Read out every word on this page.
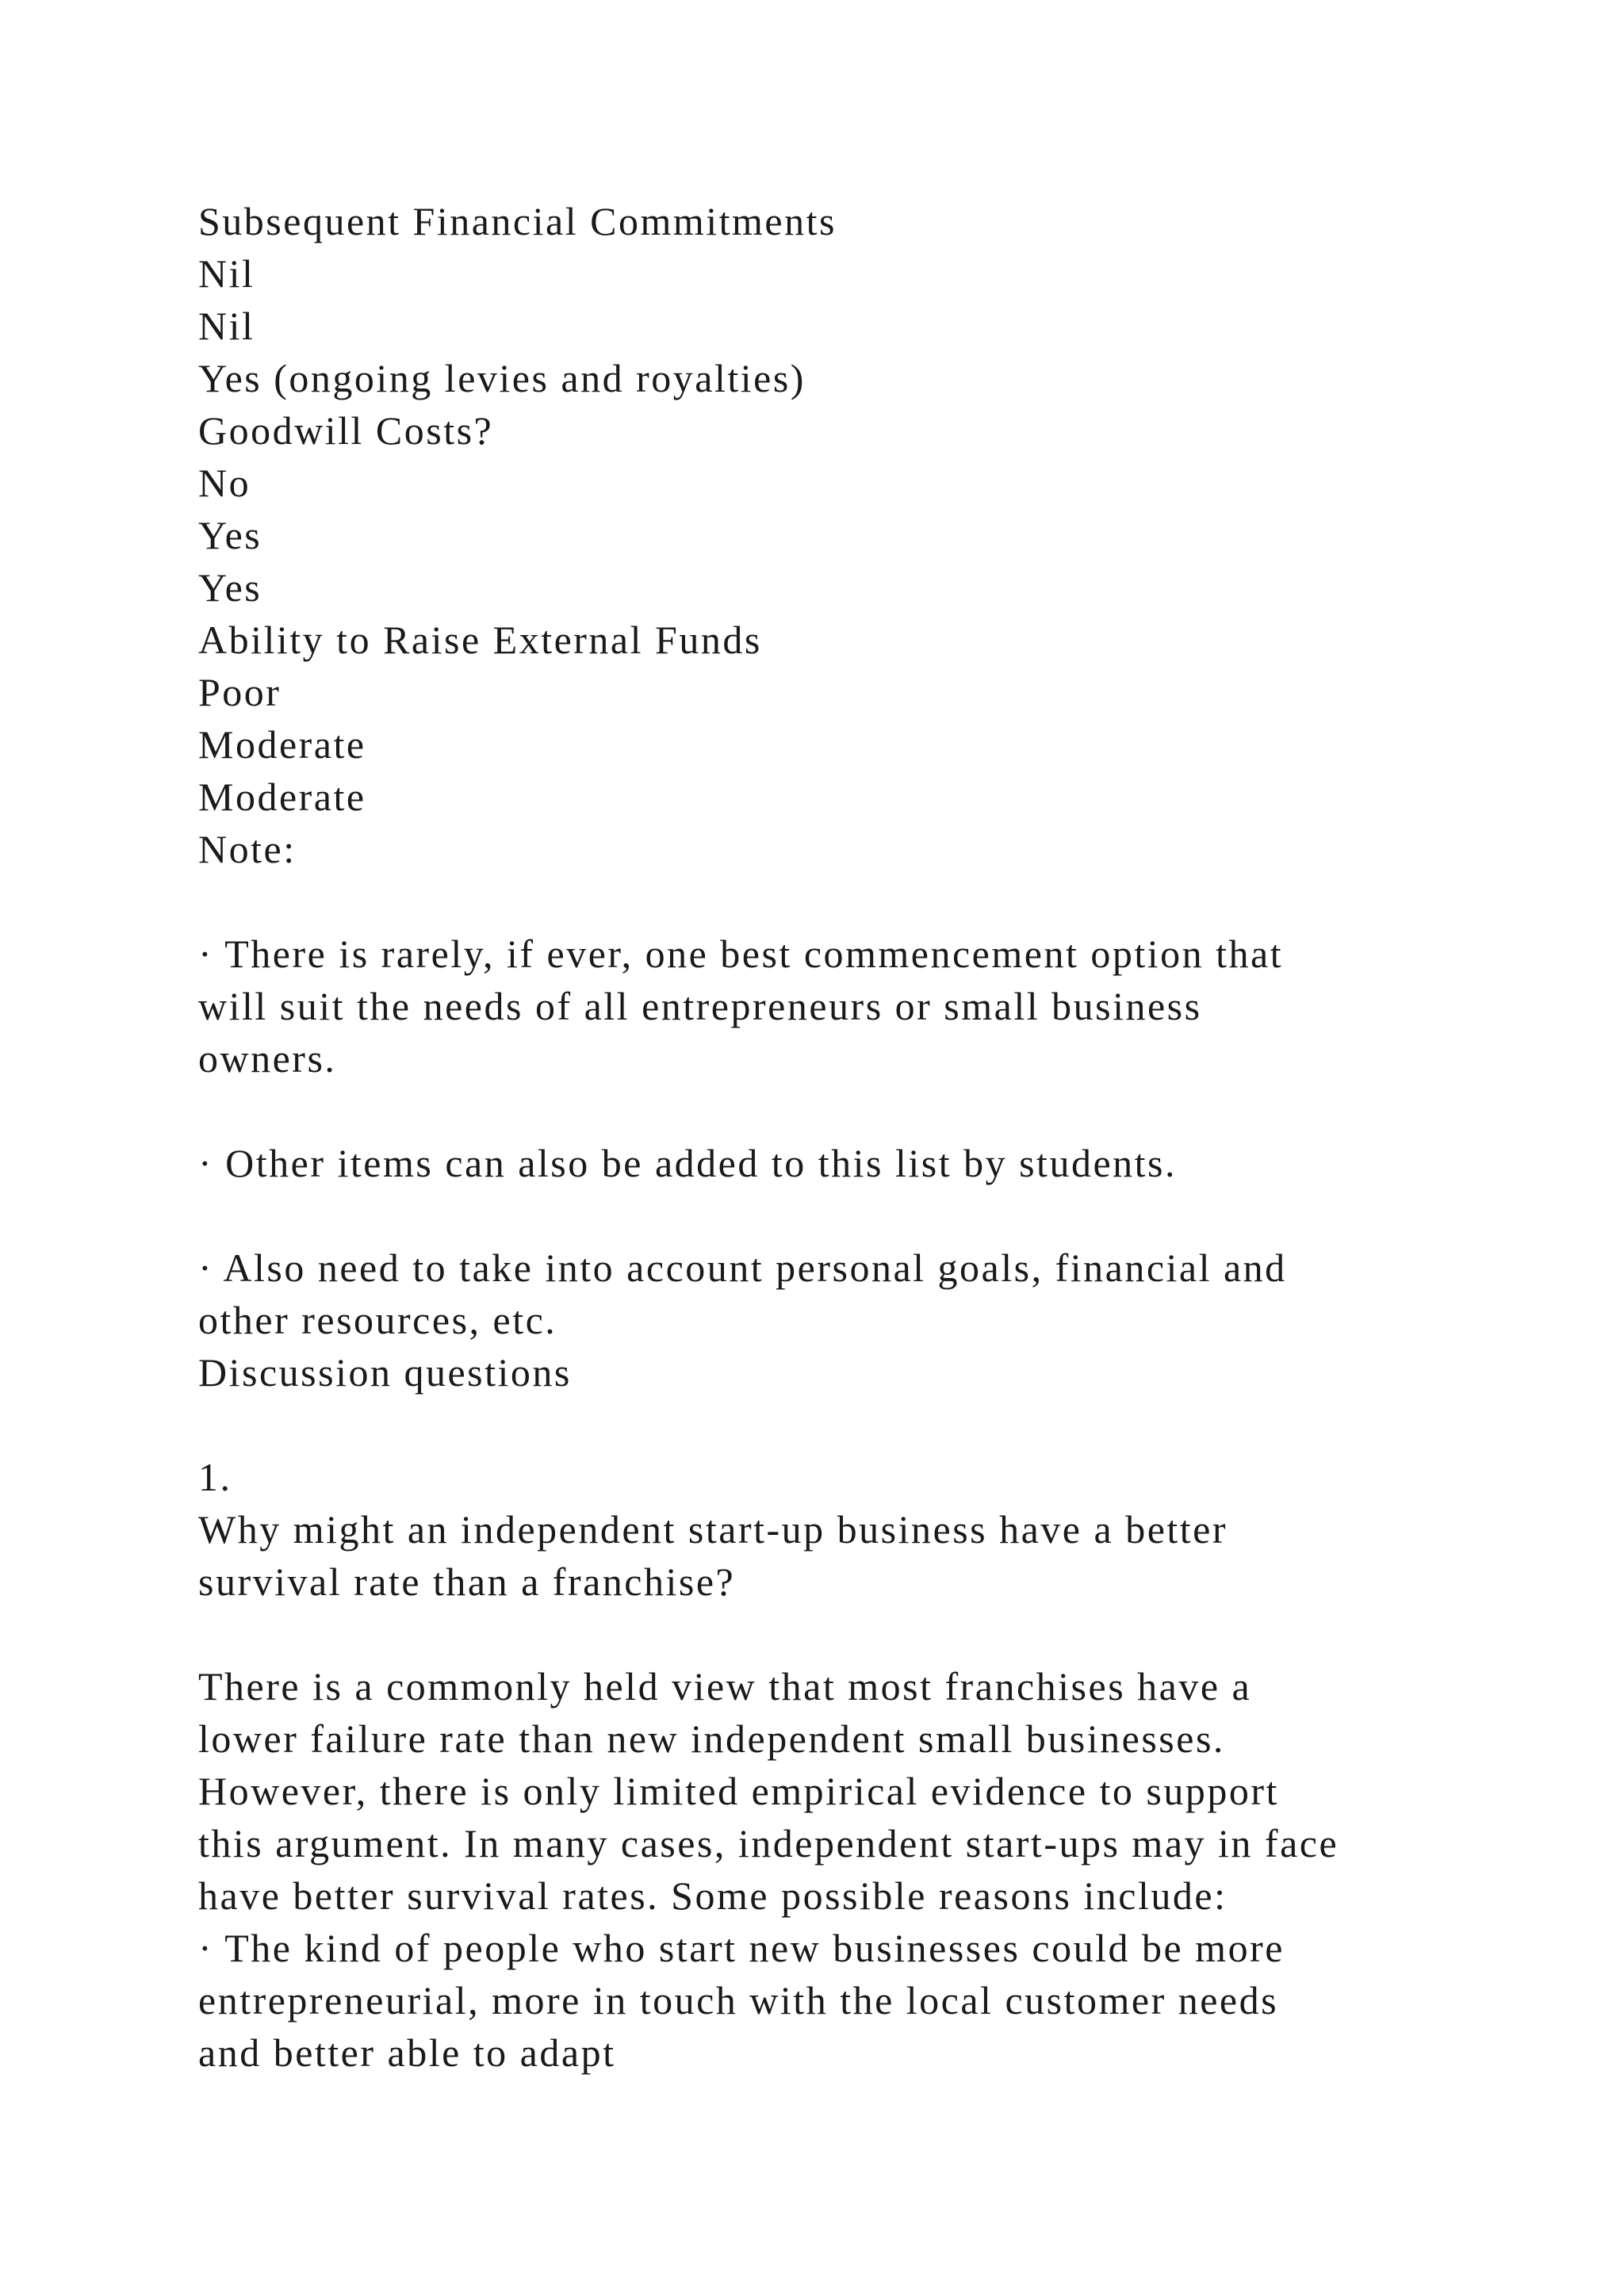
Subsequent Financial Commitments
Nil
Nil
Yes (ongoing levies and royalties)
Goodwill Costs?
No
Yes
Yes
Ability to Raise External Funds
Poor
Moderate
Moderate
Note:
· There is rarely, if ever, one best commencement option that
will suit the needs of all entrepreneurs or small business
owners.
· Other items can also be added to this list by students.
· Also need to take into account personal goals, financial and
other resources, etc.
Discussion questions
1.
Why might an independent start-up business have a better
survival rate than a franchise?
There is a commonly held view that most franchises have a
lower failure rate than new independent small businesses.
However, there is only limited empirical evidence to support
this argument. In many cases, independent start-ups may in face
have better survival rates. Some possible reasons include:
· The kind of people who start new businesses could be more
entrepreneurial, more in touch with the local customer needs
and better able to adapt
